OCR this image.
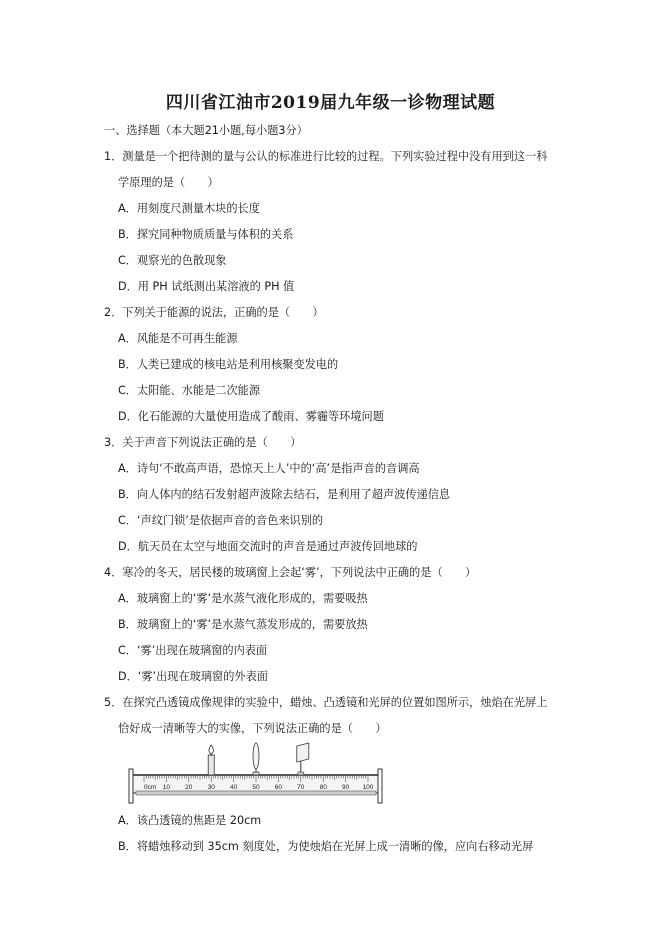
四川省江油市2019届九年级一诊物理试题
一、选择题（本大题21小题,每小题3分）
1．测量是一个把待测的量与公认的标准进行比较的过程。下列实验过程中没有用到这一科
学原理的是（　　）
A．用刻度尺测量木块的长度
B．探究同种物质质量与体积的关系
C．观察光的色散现象
D．用 PH 试纸测出某溶液的 PH 值
2．下列关于能源的说法，正确的是（　　）
A．风能是不可再生能源
B．人类已建成的核电站是利用核聚变发电的
C．太阳能、水能是二次能源
D．化石能源的大量使用造成了酸雨、雾霾等环境问题
3．关于声音下列说法正确的是（　　）
A．诗句‘不敢高声语，恐惊天上人’中的‘高’是指声音的音调高
B．向人体内的结石发射超声波除去结石，是利用了超声波传递信息
C．‘声纹门锁’是依据声音的音色来识别的
D．航天员在太空与地面交流时的声音是通过声波传回地球的
4．寒冷的冬天，居民楼的玻璃窗上会起‘雾’，下列说法中正确的是（　　）
A．玻璃窗上的‘雾’是水蒸气液化形成的，需要吸热
B．玻璃窗上的‘雾’是水蒸气蒸发形成的，需要放热
C．‘雾’出现在玻璃窗的内表面
D．‘雾’出现在玻璃窗的外表面
5．在探究凸透镜成像规律的实验中，蜡烛、凸透镜和光屏的位置如图所示，烛焰在光屏上
恰好成一清晰等大的实像，下列说法正确的是（　　）
0cm 10 20 30 40 50 60 70 80 90 100
A．该凸透镜的焦距是 20cm
B．将蜡烛移动到 35cm 刻度处，为使烛焰在光屏上成一清晰的像，应向右移动光屏
